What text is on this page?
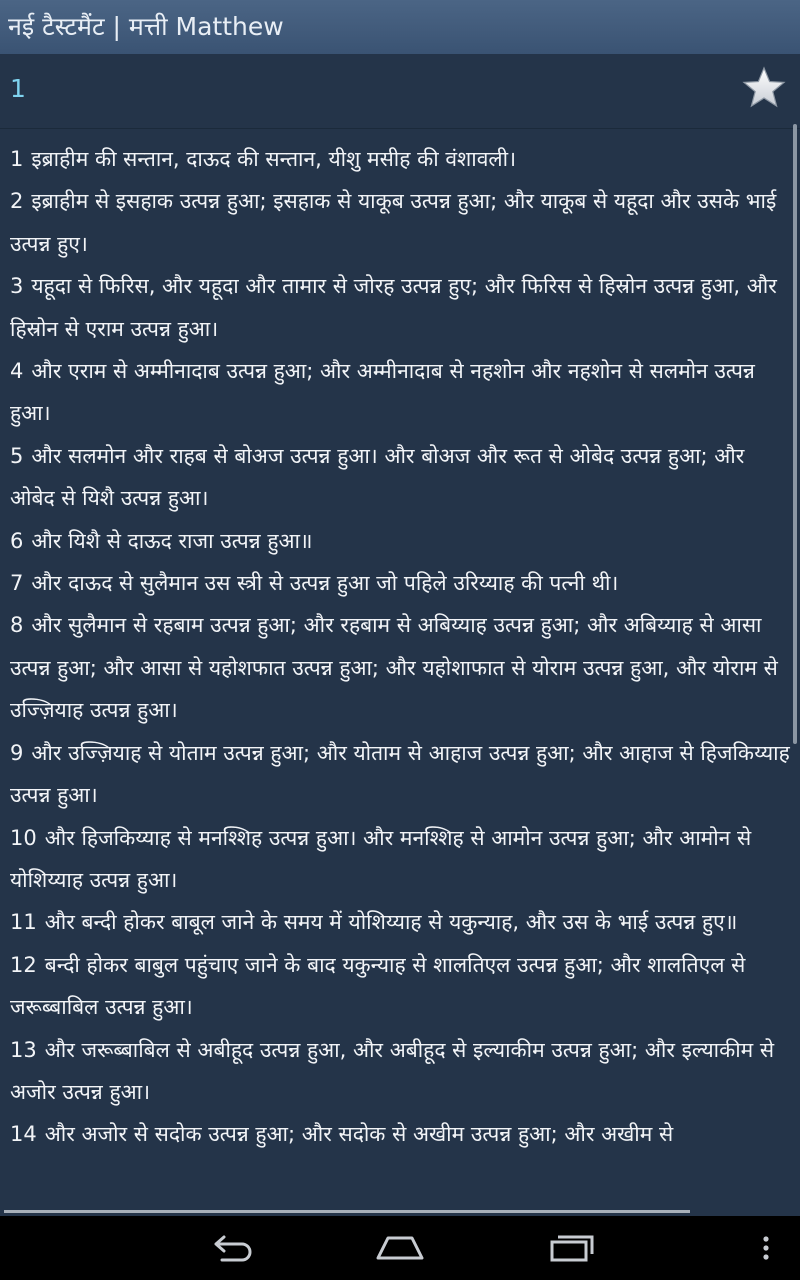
नई टैस्टमैंट | मत्ती Matthew
1
1 इब्राहीम की सन्तान, दाऊद की सन्तान, यीशु मसीह की वंशावली।
2 इब्राहीम से इसहाक उत्पन्न हुआ; इसहाक से याकूब उत्पन्न हुआ; और याकूब से यहूदा और उसके भाई उत्पन्न हुए।
3 यहूदा से फिरिस, और यहूदा और तामार से जोरह उत्पन्न हुए; और फिरिस से हिस्रोन उत्पन्न हुआ, और हिस्रोन से एराम उत्पन्न हुआ।
4 और एराम से अम्मीनादाब उत्पन्न हुआ; और अम्मीनादाब से नहशोन और नहशोन से सलमोन उत्पन्न हुआ।
5 और सलमोन और राहब से बोअज उत्पन्न हुआ। और बोअज और रूत से ओबेद उत्पन्न हुआ; और ओबेद से यिशै उत्पन्न हुआ।
6 और यिशै से दाऊद राजा उत्पन्न हुआ॥
7 और दाऊद से सुलैमान उस स्त्री से उत्पन्न हुआ जो पहिले उरिय्याह की पत्नी थी।
8 और सुलैमान से रहबाम उत्पन्न हुआ; और रहबाम से अबिय्याह उत्पन्न हुआ; और अबिय्याह से आसा उत्पन्न हुआ; और आसा से यहोशफात उत्पन्न हुआ; और यहोशाफात से योराम उत्पन्न हुआ, और योराम से उज्ज़ियाह उत्पन्न हुआ।
9 और उज्ज़ियाह से योताम उत्पन्न हुआ; और योताम से आहाज उत्पन्न हुआ; और आहाज से हिजकिय्याह उत्पन्न हुआ।
10 और हिजकिय्याह से मनश्शिह उत्पन्न हुआ। और मनश्शिह से आमोन उत्पन्न हुआ; और आमोन से योशिय्याह उत्पन्न हुआ।
11 और बन्दी होकर बाबूल जाने के समय में योशिय्याह से यकुन्याह, और उस के भाई उत्पन्न हुए॥
12 बन्दी होकर बाबुल पहुंचाए जाने के बाद यकुन्याह से शालतिएल उत्पन्न हुआ; और शालतिएल से जरूब्बाबिल उत्पन्न हुआ।
13 और जरूब्बाबिल से अबीहूद उत्पन्न हुआ, और अबीहूद से इल्याकीम उत्पन्न हुआ; और इल्याकीम से अजोर उत्पन्न हुआ।
14 और अजोर से सदोक उत्पन्न हुआ; और सदोक से अखीम उत्पन्न हुआ; और अखीम से
